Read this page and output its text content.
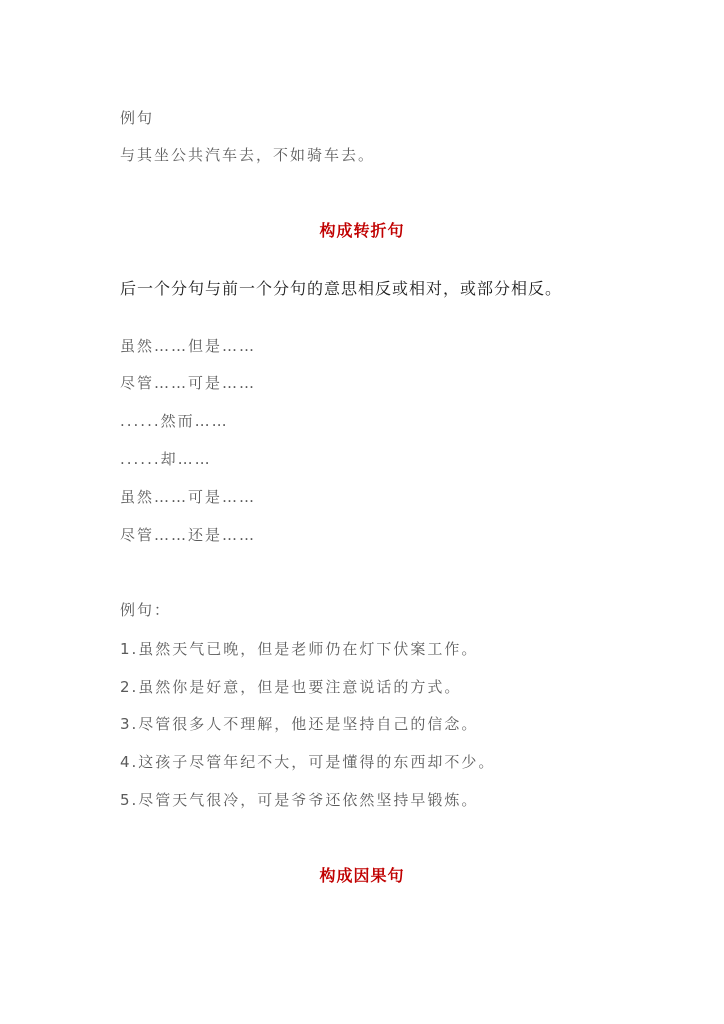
例句

与其坐公共汽车去，不如骑车去。

构成转折句

后一个分句与前一个分句的意思相反或相对，或部分相反。

虽然……但是……

尽管……可是……

......然而……

......却……

虽然……可是……

尽管……还是……

例句：

1.虽然天气已晚，但是老师仍在灯下伏案工作。

2.虽然你是好意，但是也要注意说话的方式。

3.尽管很多人不理解，他还是坚持自己的信念。

4.这孩子尽管年纪不大，可是懂得的东西却不少。

5.尽管天气很冷，可是爷爷还依然坚持早锻炼。

构成因果句
